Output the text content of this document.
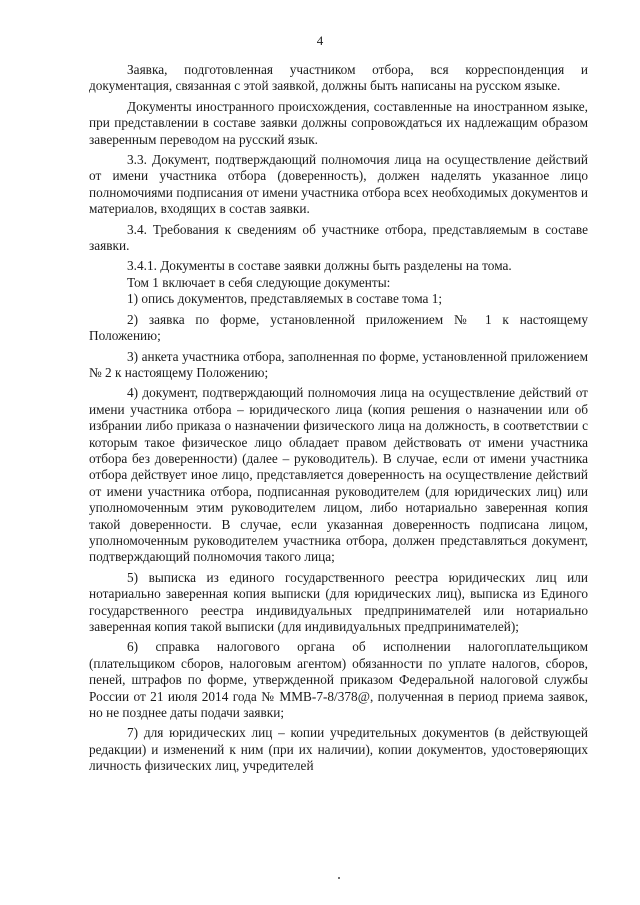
4

Заявка, подготовленная участником отбора, вся корреспонденция и документация, связанная с этой заявкой, должны быть написаны на русском языке.

Документы иностранного происхождения, составленные на иностранном языке, при представлении в составе заявки должны сопровождаться их надлежащим образом заверенным переводом на русский язык.

3.3. Документ, подтверждающий полномочия лица на осуществление действий от имени участника отбора (доверенность), должен наделять указанное лицо полномочиями подписания от имени участника отбора всех необходимых документов и материалов, входящих в состав заявки.

3.4. Требования к сведениям об участнике отбора, представляемым в составе заявки.

3.4.1. Документы в составе заявки должны быть разделены на тома.

Том 1 включает в себя следующие документы:

1) опись документов, представляемых в составе тома 1;

2) заявка по форме, установленной приложением № 1 к настоящему Положению;

3) анкета участника отбора, заполненная по форме, установленной приложением № 2 к настоящему Положению;

4) документ, подтверждающий полномочия лица на осуществление действий от имени участника отбора – юридического лица (копия решения о назначении или об избрании либо приказа о назначении физического лица на должность, в соответствии с которым такое физическое лицо обладает правом действовать от имени участника отбора без доверенности) (далее – руководитель). В случае, если от имени участника отбора действует иное лицо, представляется доверенность на осуществление действий от имени участника отбора, подписанная руководителем (для юридических лиц) или уполномоченным этим руководителем лицом, либо нотариально заверенная копия такой доверенности. В случае, если указанная доверенность подписана лицом, уполномоченным руководителем участника отбора, должен представляться документ, подтверждающий полномочия такого лица;

5) выписка из единого государственного реестра юридических лиц или нотариально заверенная копия выписки (для юридических лиц), выписка из Единого государственного реестра индивидуальных предпринимателей или нотариально заверенная копия такой выписки (для индивидуальных предпринимателей);

6) справка налогового органа об исполнении налогоплательщиком (плательщиком сборов, налоговым агентом) обязанности по уплате налогов, сборов, пеней, штрафов по форме, утвержденной приказом Федеральной налоговой службы России от 21 июля 2014 года № ММВ-7-8/378@, полученная в период приема заявок, но не позднее даты подачи заявки;

7) для юридических лиц – копии учредительных документов (в действующей редакции) и изменений к ним (при их наличии), копии документов, удостоверяющих личность физических лиц, учредителей
